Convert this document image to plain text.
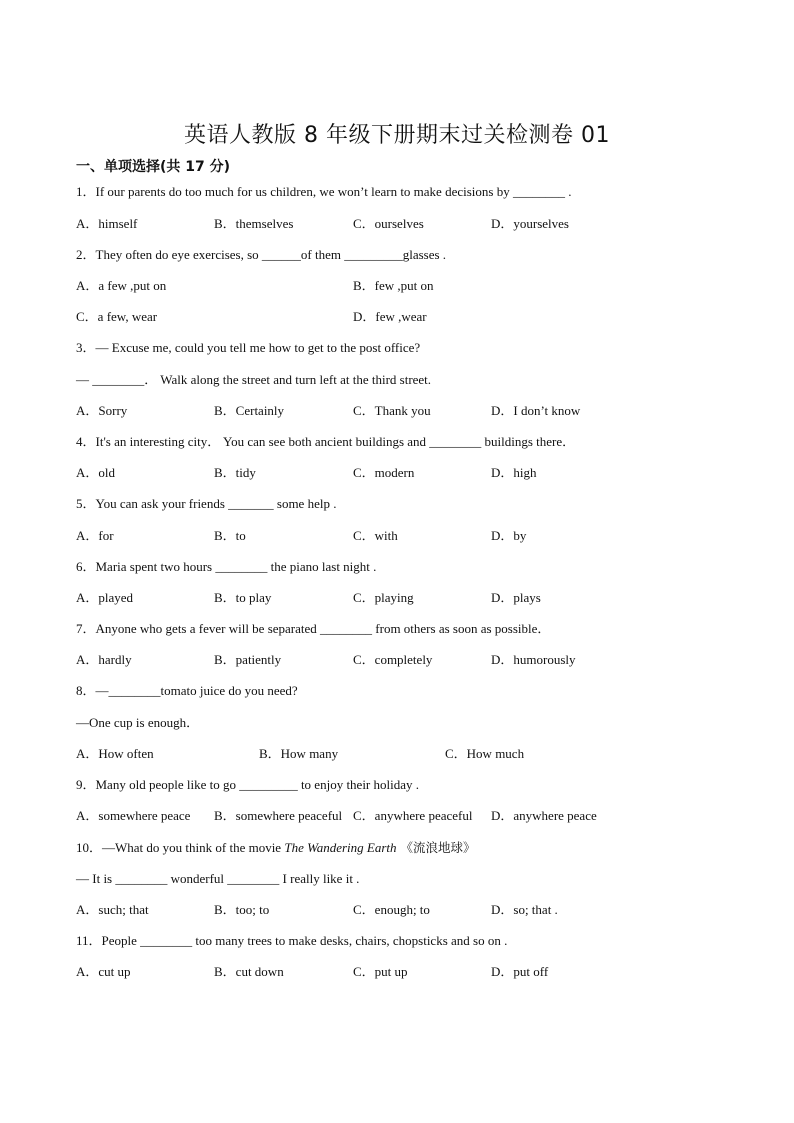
英语人教版 8 年级下册期末过关检测卷 01
一、单项选择(共 17 分)
1．If our parents do too much for us children, we won’t learn to make decisions by ________ .
A．himself	B．themselves	C．ourselves	D．yourselves
2．They often do eye exercises, so ______of them _________glasses .
A．a few ,put on	B．few ,put on
C．a few, wear	D．few ,wear
3．— Excuse me, could you tell me how to get to the post office?
— ________． Walk along the street and turn left at the third street.
A．Sorry	B．Certainly	C．Thank you	D．I don’t know
4．It's an interesting city． You can see both ancient buildings and ________ buildings there．
A．old	B．tidy	C．modern	D．high
5．You can ask your friends _______ some help .
A．for	B．to	C．with	D．by
6．Maria spent two hours ________ the piano last night .
A．played	B．to play	C．playing	D．plays
7．Anyone who gets a fever will be separated ________ from others as soon as possible．
A．hardly	B．patiently	C．completely	D．humorously
8．—________tomato juice do you need?
—One cup is enough．
A．How often	B．How many	C．How much
9．Many old people like to go _________ to enjoy their holiday .
A．somewhere peace B．somewhere peaceful C．anywhere peaceful D．anywhere peace
10．—What do you think of the movie The Wandering Earth 《流浪地球》
— It is ________ wonderful ________ I really like it .
A．such; that	B．too; to	C．enough; to	D．so; that .
11．People ________ too many trees to make desks, chairs, chopsticks and so on .
A．cut up	B．cut down	C．put up	D．put off
